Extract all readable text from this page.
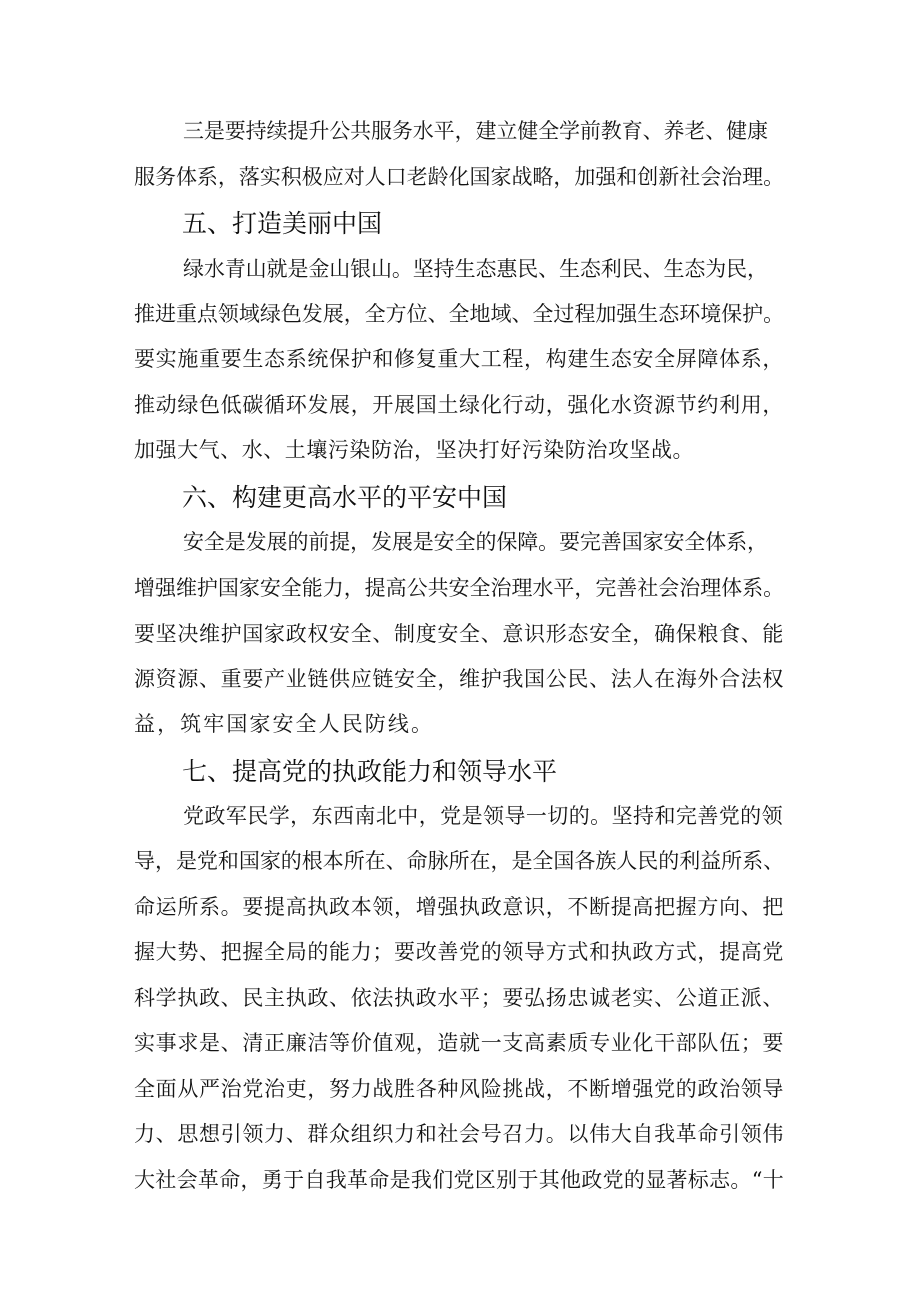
三是要持续提升公共服务水平，建立健全学前教育、养老、健康
服务体系，落实积极应对人口老龄化国家战略，加强和创新社会治理。
五、打造美丽中国
绿水青山就是金山银山。坚持生态惠民、生态利民、生态为民，
推进重点领域绿色发展，全方位、全地域、全过程加强生态环境保护。
要实施重要生态系统保护和修复重大工程，构建生态安全屏障体系，
推动绿色低碳循环发展，开展国土绿化行动，强化水资源节约利用，
加强大气、水、土壤污染防治，坚决打好污染防治攻坚战。
六、构建更高水平的平安中国
安全是发展的前提，发展是安全的保障。要完善国家安全体系，
增强维护国家安全能力，提高公共安全治理水平，完善社会治理体系。
要坚决维护国家政权安全、制度安全、意识形态安全，确保粮食、能
源资源、重要产业链供应链安全，维护我国公民、法人在海外合法权
益，筑牢国家安全人民防线。
七、提高党的执政能力和领导水平
党政军民学，东西南北中，党是领导一切的。坚持和完善党的领
导，是党和国家的根本所在、命脉所在，是全国各族人民的利益所系、
命运所系。要提高执政本领，增强执政意识，不断提高把握方向、把
握大势、把握全局的能力；要改善党的领导方式和执政方式，提高党
科学执政、民主执政、依法执政水平；要弘扬忠诚老实、公道正派、
实事求是、清正廉洁等价值观，造就一支高素质专业化干部队伍；要
全面从严治党治吏，努力战胜各种风险挑战，不断增强党的政治领导
力、思想引领力、群众组织力和社会号召力。以伟大自我革命引领伟
大社会革命，勇于自我革命是我们党区别于其他政党的显著标志。“十
